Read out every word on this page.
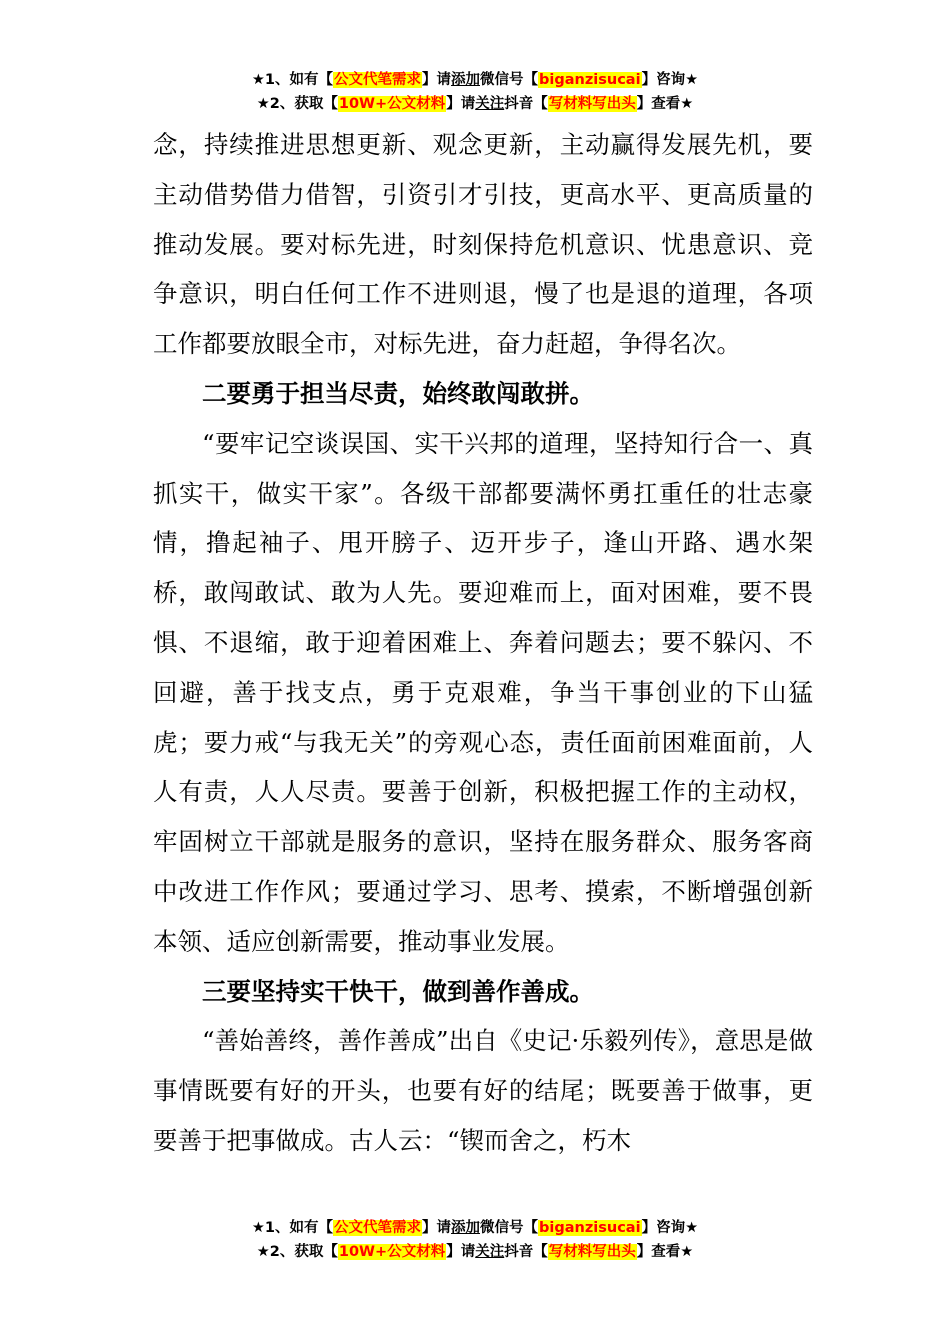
★1、如有【公文代笔需求】请添加微信号【biganzisucai】咨询★
★2、获取【10W+公文材料】请关注抖音【写材料写出头】查看★

念，持续推进思想更新、观念更新，主动赢得发展先机，要主动借势借力借智，引资引才引技，更高水平、更高质量的推动发展。要对标先进，时刻保持危机意识、忧患意识、竞争意识，明白任何工作不进则退，慢了也是退的道理，各项工作都要放眼全市，对标先进，奋力赶超，争得名次。

二要勇于担当尽责，始终敢闯敢拼。

“要牢记空谈误国、实干兴邦的道理，坚持知行合一、真抓实干，做实干家”。各级干部都要满怀勇扛重任的壮志豪情，撸起袖子、甩开膀子、迈开步子，逢山开路、遇水架桥，敢闯敢试、敢为人先。要迎难而上，面对困难，要不畏惧、不退缩，敢于迎着困难上、奔着问题去；要不躲闪、不回避，善于找支点，勇于克艰难，争当干事创业的下山猛虎；要力戒“与我无关”的旁观心态，责任面前困难面前，人人有责，人人尽责。要善于创新，积极把握工作的主动权，牢固树立干部就是服务的意识，坚持在服务群众、服务客商中改进工作作风；要通过学习、思考、摸索，不断增强创新本领、适应创新需要，推动事业发展。

三要坚持实干快干，做到善作善成。

“善始善终，善作善成”出自《史记·乐毅列传》，意思是做事情既要有好的开头，也要有好的结尾；既要善于做事，更要善于把事做成。古人云：“锲而舍之，朽木

★1、如有【公文代笔需求】请添加微信号【biganzisucai】咨询★
★2、获取【10W+公文材料】请关注抖音【写材料写出头】查看★
